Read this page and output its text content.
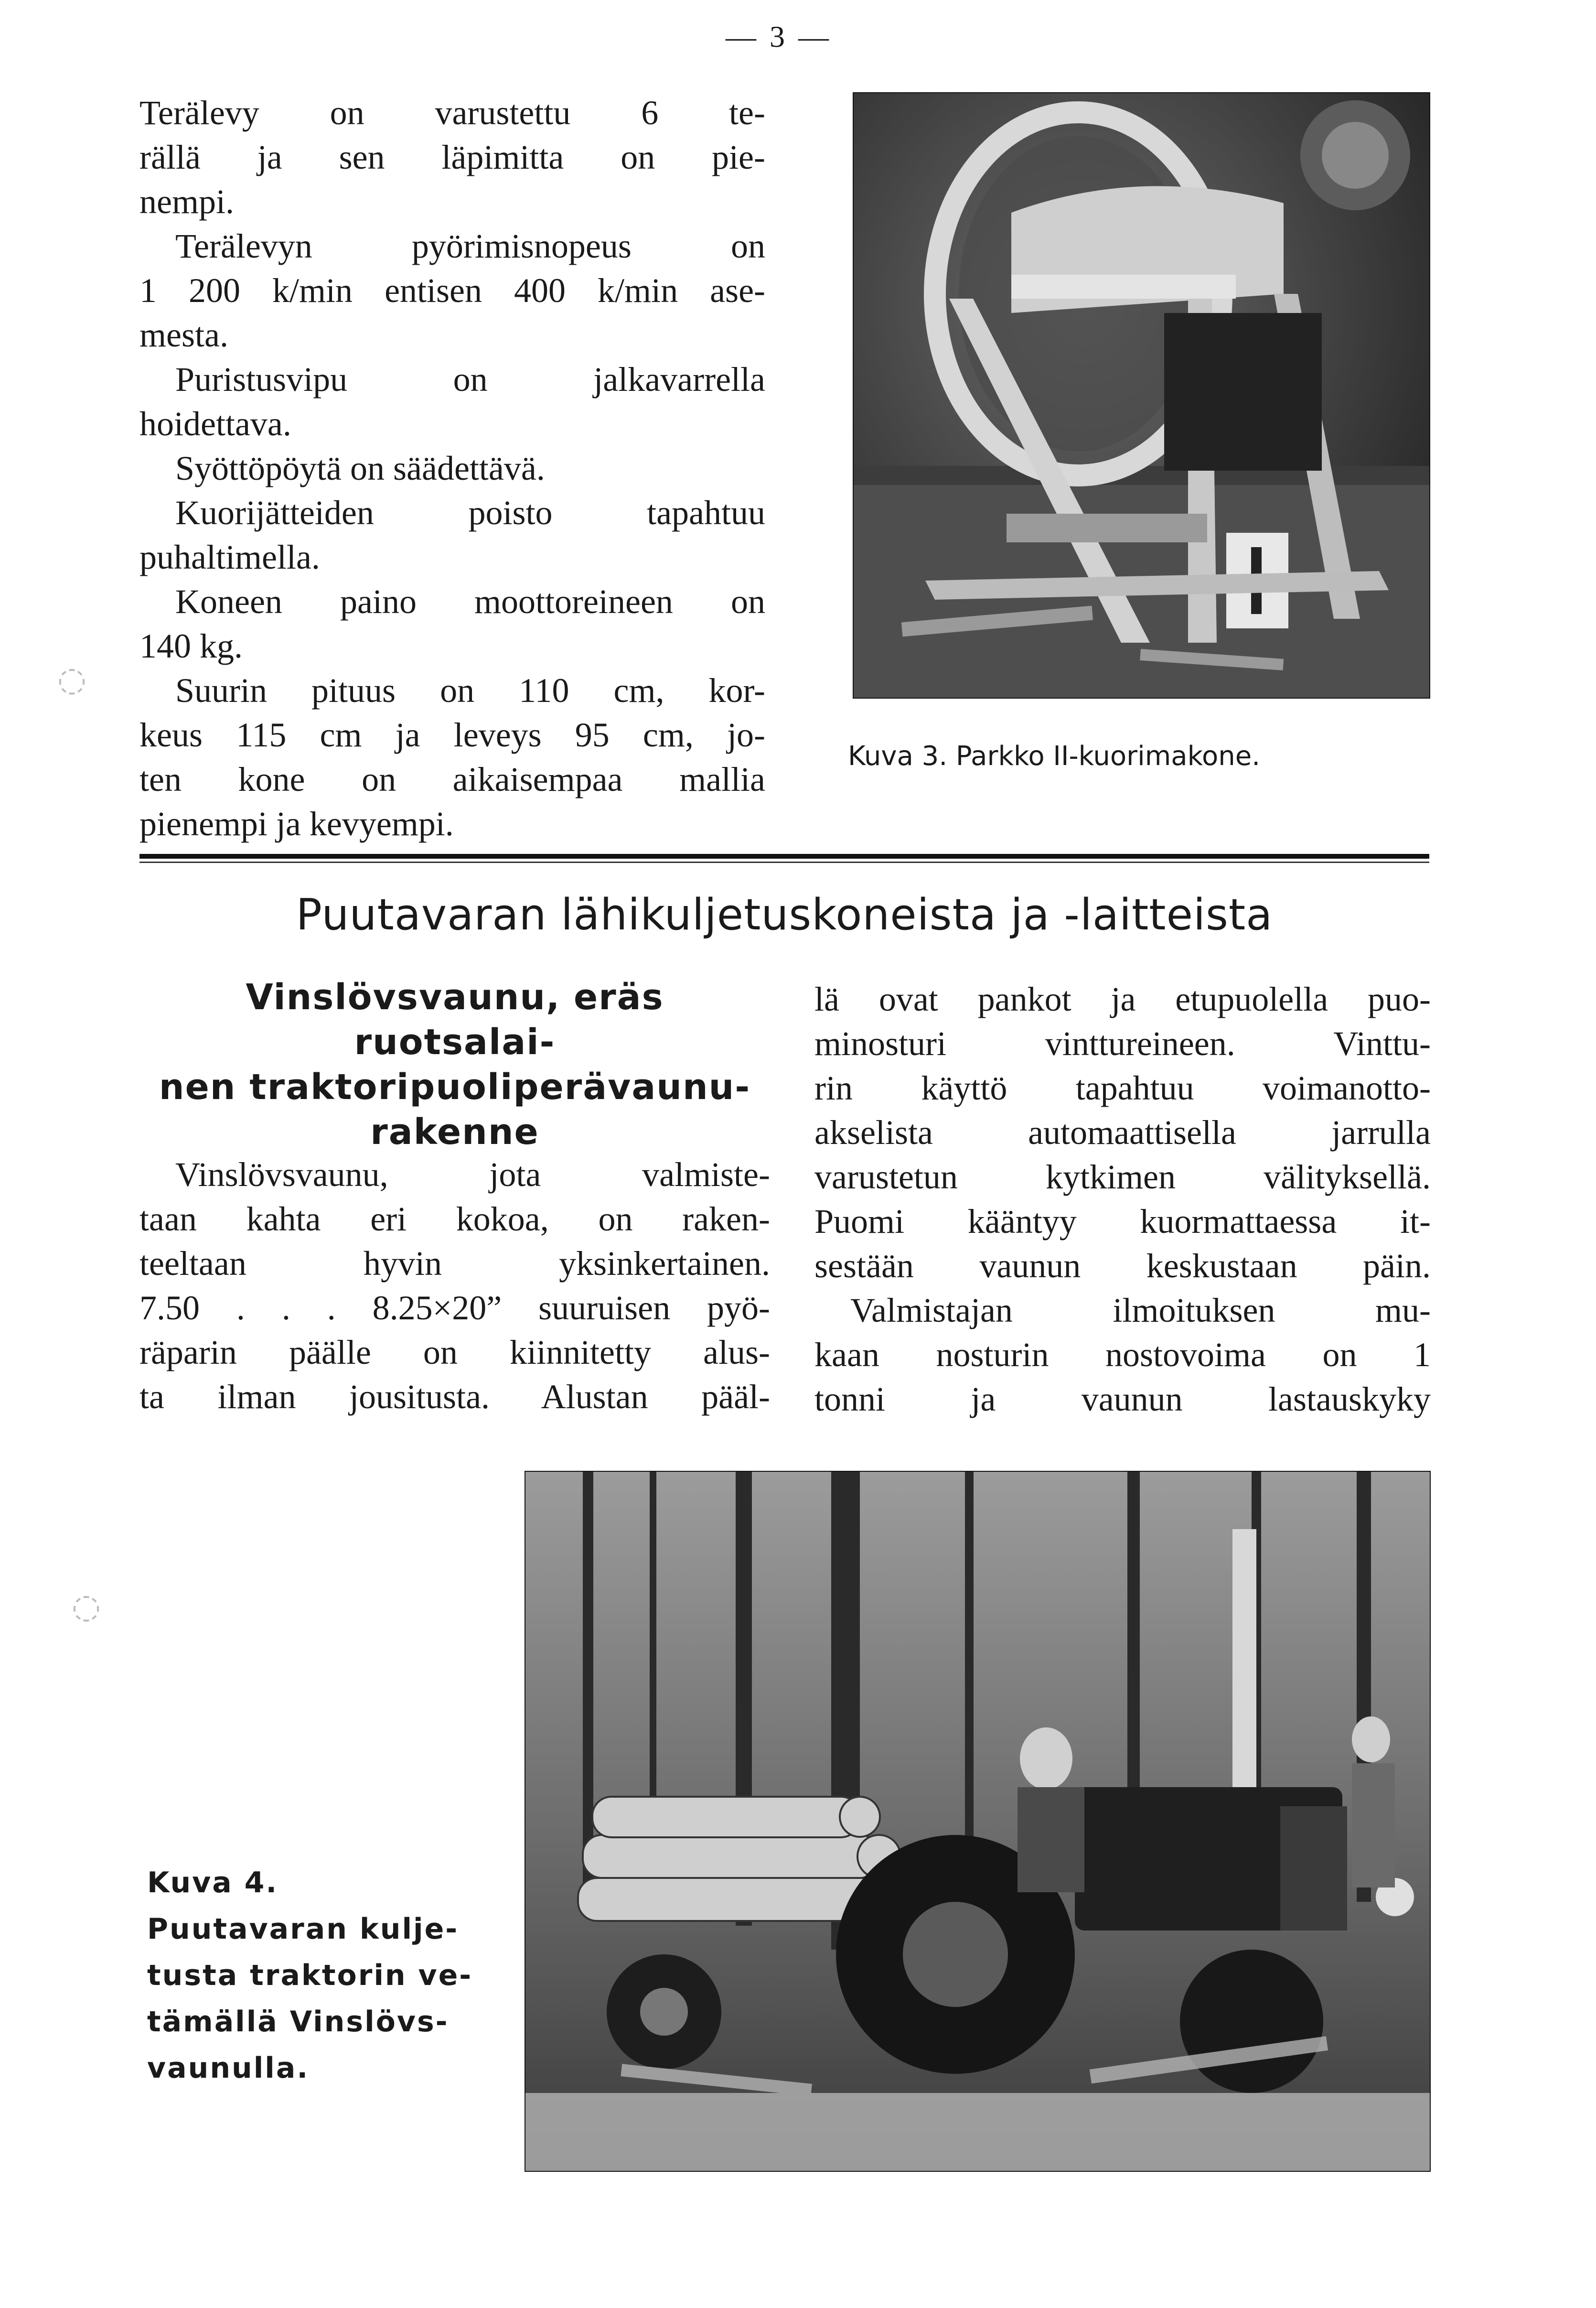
— 3 —
Terälevy on varustettu 6 te-
rällä ja sen läpimitta on pie-
nempi.
Terälevyn pyörimisnopeus on
1 200 k/min entisen 400 k/min ase-
mesta.
Puristusvipu on jalkavarrella
hoidettava.
Syöttöpöytä on säädettävä.
Kuorijätteiden poisto tapahtuu
puhaltimella.
Koneen paino moottoreineen on
140 kg.
Suurin pituus on 110 cm, kor-
keus 115 cm ja leveys 95 cm, jo-
ten kone on aikaisempaa mallia
pienempi ja kevyempi.
Kuva 3. Parkko II-kuorimakone.
Puutavaran lähikuljetuskoneista ja -laitteista
Vinslövsvaunu, eräs ruotsalai-
nen traktoripuoliperävaunu-
rakenne
Vinslövsvaunu, jota valmiste-
taan kahta eri kokoa, on raken-
teeltaan hyvin yksinkertainen.
7.50 . . . 8.25×20” suuruisen pyö-
räparin päälle on kiinnitetty alus-
ta ilman jousitusta. Alustan pääl-
lä ovat pankot ja etupuolella puo-
minosturi vinttureineen. Vinttu-
rin käyttö tapahtuu voimanotto-
akselista automaattisella jarrulla
varustetun kytkimen välityksellä.
Puomi kääntyy kuormattaessa it-
sestään vaunun keskustaan päin.
Valmistajan ilmoituksen mu-
kaan nosturin nostovoima on 1
tonni ja vaunun lastauskyky
Kuva 4.
Puutavaran kulje-
tusta traktorin ve-
tämällä Vinslövs-
vaunulla.
◌
◌
